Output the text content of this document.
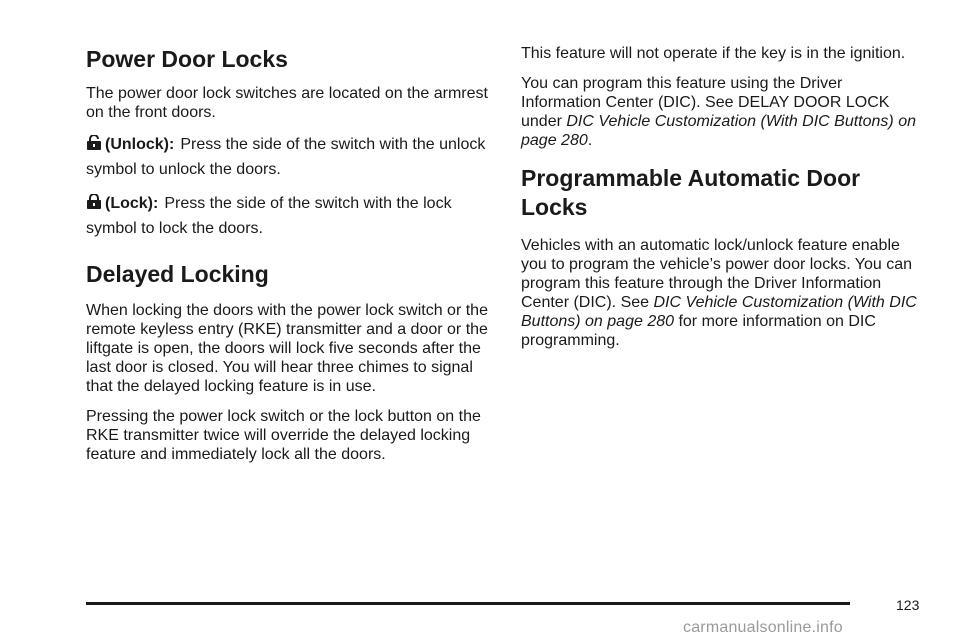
Power Door Locks

The power door lock switches are located on the armrest on the front doors.

(Unlock): Press the side of the switch with the unlock symbol to unlock the doors.

(Lock): Press the side of the switch with the lock symbol to lock the doors.

Delayed Locking

When locking the doors with the power lock switch or the remote keyless entry (RKE) transmitter and a door or the liftgate is open, the doors will lock five seconds after the last door is closed. You will hear three chimes to signal that the delayed locking feature is in use.

Pressing the power lock switch or the lock button on the RKE transmitter twice will override the delayed locking feature and immediately lock all the doors.

This feature will not operate if the key is in the ignition.

You can program this feature using the Driver Information Center (DIC). See DELAY DOOR LOCK under DIC Vehicle Customization (With DIC Buttons) on page 280.

Programmable Automatic Door Locks

Vehicles with an automatic lock/unlock feature enable you to program the vehicle’s power door locks. You can program this feature through the Driver Information Center (DIC). See DIC Vehicle Customization (With DIC Buttons) on page 280 for more information on DIC programming.

123
carmanualsonline.info
